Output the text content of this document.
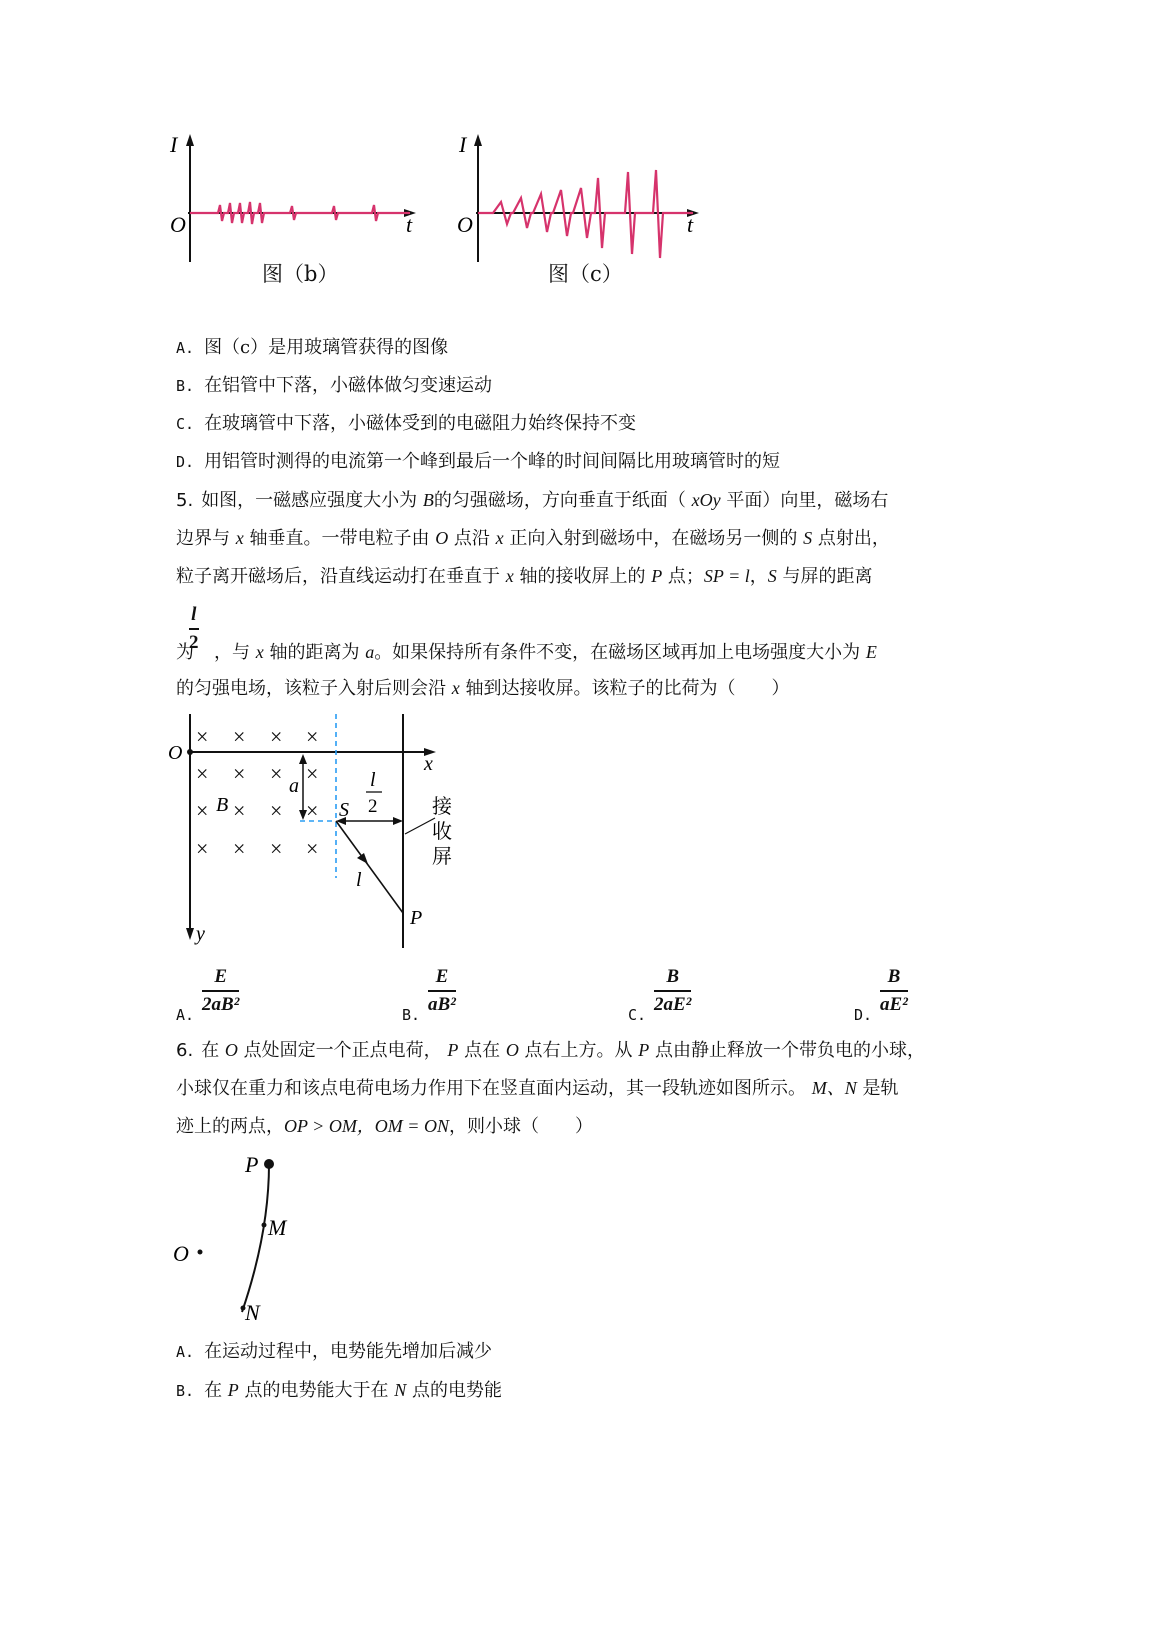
I
O	t
图（b）
I
O	t
图（c）
A. 图（c）是用玻璃管获得的图像
B. 在铝管中下落，小磁体做匀变速运动
C. 在玻璃管中下落，小磁体受到的电磁阻力始终保持不变
D. 用铝管时测得的电流第一个峰到最后一个峰的时间间隔比用玻璃管时的短
5. 如图，一磁感应强度大小为 B的匀强磁场，方向垂直于纸面（ xOy 平面）向里，磁场右
边界与 x 轴垂直。一带电粒子由 O 点沿 x 正向入射到磁场中，在磁场另一侧的 S 点射出，
粒子离开磁场后，沿直线运动打在垂直于 x 轴的接收屏上的 P 点；SP = l，S 与屏的距离
l
2
为 ，与 x 轴的距离为 a。如果保持所有条件不变，在磁场区域再加上电场强度大小为 E
的匀强电场，该粒子入射后则会沿 x 轴到达接收屏。该粒子的比荷为（　　）
× × × ×
× × × ×
× × × ×
× × × ×
O	x
y
B
a
S
l
2
l
P
接
收
屏
A.
E
2aB²
B.
E
aB²
C.
B
2aE²
D.
B
aE²
6. 在 O 点处固定一个正点电荷， P 点在 O 点右上方。从 P 点由静止释放一个带负电的小球，
小球仅在重力和该点电荷电场力作用下在竖直面内运动，其一段轨迹如图所示。 M、N 是轨
迹上的两点，OP > OM，OM = ON，则小球（　　）
P
M
O
N
A. 在运动过程中，电势能先增加后减少
B. 在 P 点的电势能大于在 N 点的电势能
